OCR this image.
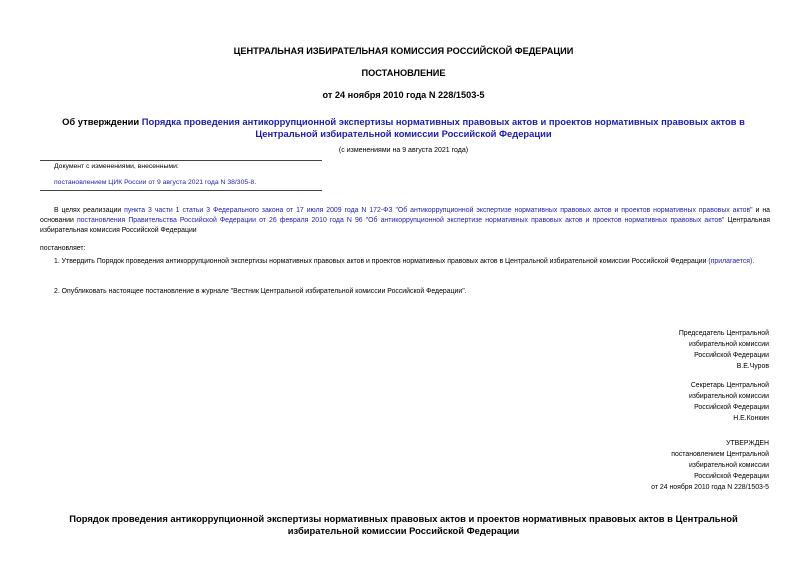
ЦЕНТРАЛЬНАЯ ИЗБИРАТЕЛЬНАЯ КОМИССИЯ РОССИЙСКОЙ ФЕДЕРАЦИИ
ПОСТАНОВЛЕНИЕ
от 24 ноября 2010 года N 228/1503-5
Об утверждении Порядка проведения антикоррупционной экспертизы нормативных правовых актов и проектов нормативных правовых актов в Центральной избирательной комиссии Российской Федерации
(с изменениями на 9 августа 2021 года)
Документ с изменениями, внесенными:
постановлением ЦИК России от 9 августа 2021 года N 38/305-8.
В целях реализации пункта 3 части 1 статьи 3 Федерального закона от 17 июля 2009 года N 172-ФЗ "Об антикоррупционной экспертизе нормативных правовых актов и проектов нормативных правовых актов" и на основании постановления Правительства Российской Федерации от 26 февраля 2010 года N 96 "Об антикоррупционной экспертизе нормативных правовых актов и проектов нормативных правовых актов" Центральная избирательная комиссия Российской Федерации
постановляет:
1. Утвердить Порядок проведения антикоррупционной экспертизы нормативных правовых актов и проектов нормативных правовых актов в Центральной избирательной комиссии Российской Федерации (прилагается).
2. Опубликовать настоящее постановление в журнале "Вестник Центральной избирательной комиссии Российской Федерации".
Председатель Центральной
избирательной комиссии
Российской Федерации
В.Е.Чуров
Секретарь Центральной
избирательной комиссии
Российской Федерации
Н.Е.Конкин
УТВЕРЖДЕН
постановлением Центральной
избирательной комиссии
Российской Федерации
от 24 ноября 2010 года N 228/1503-5
Порядок проведения антикоррупционной экспертизы нормативных правовых актов и проектов нормативных правовых актов в Центральной избирательной комиссии Российской Федерации
